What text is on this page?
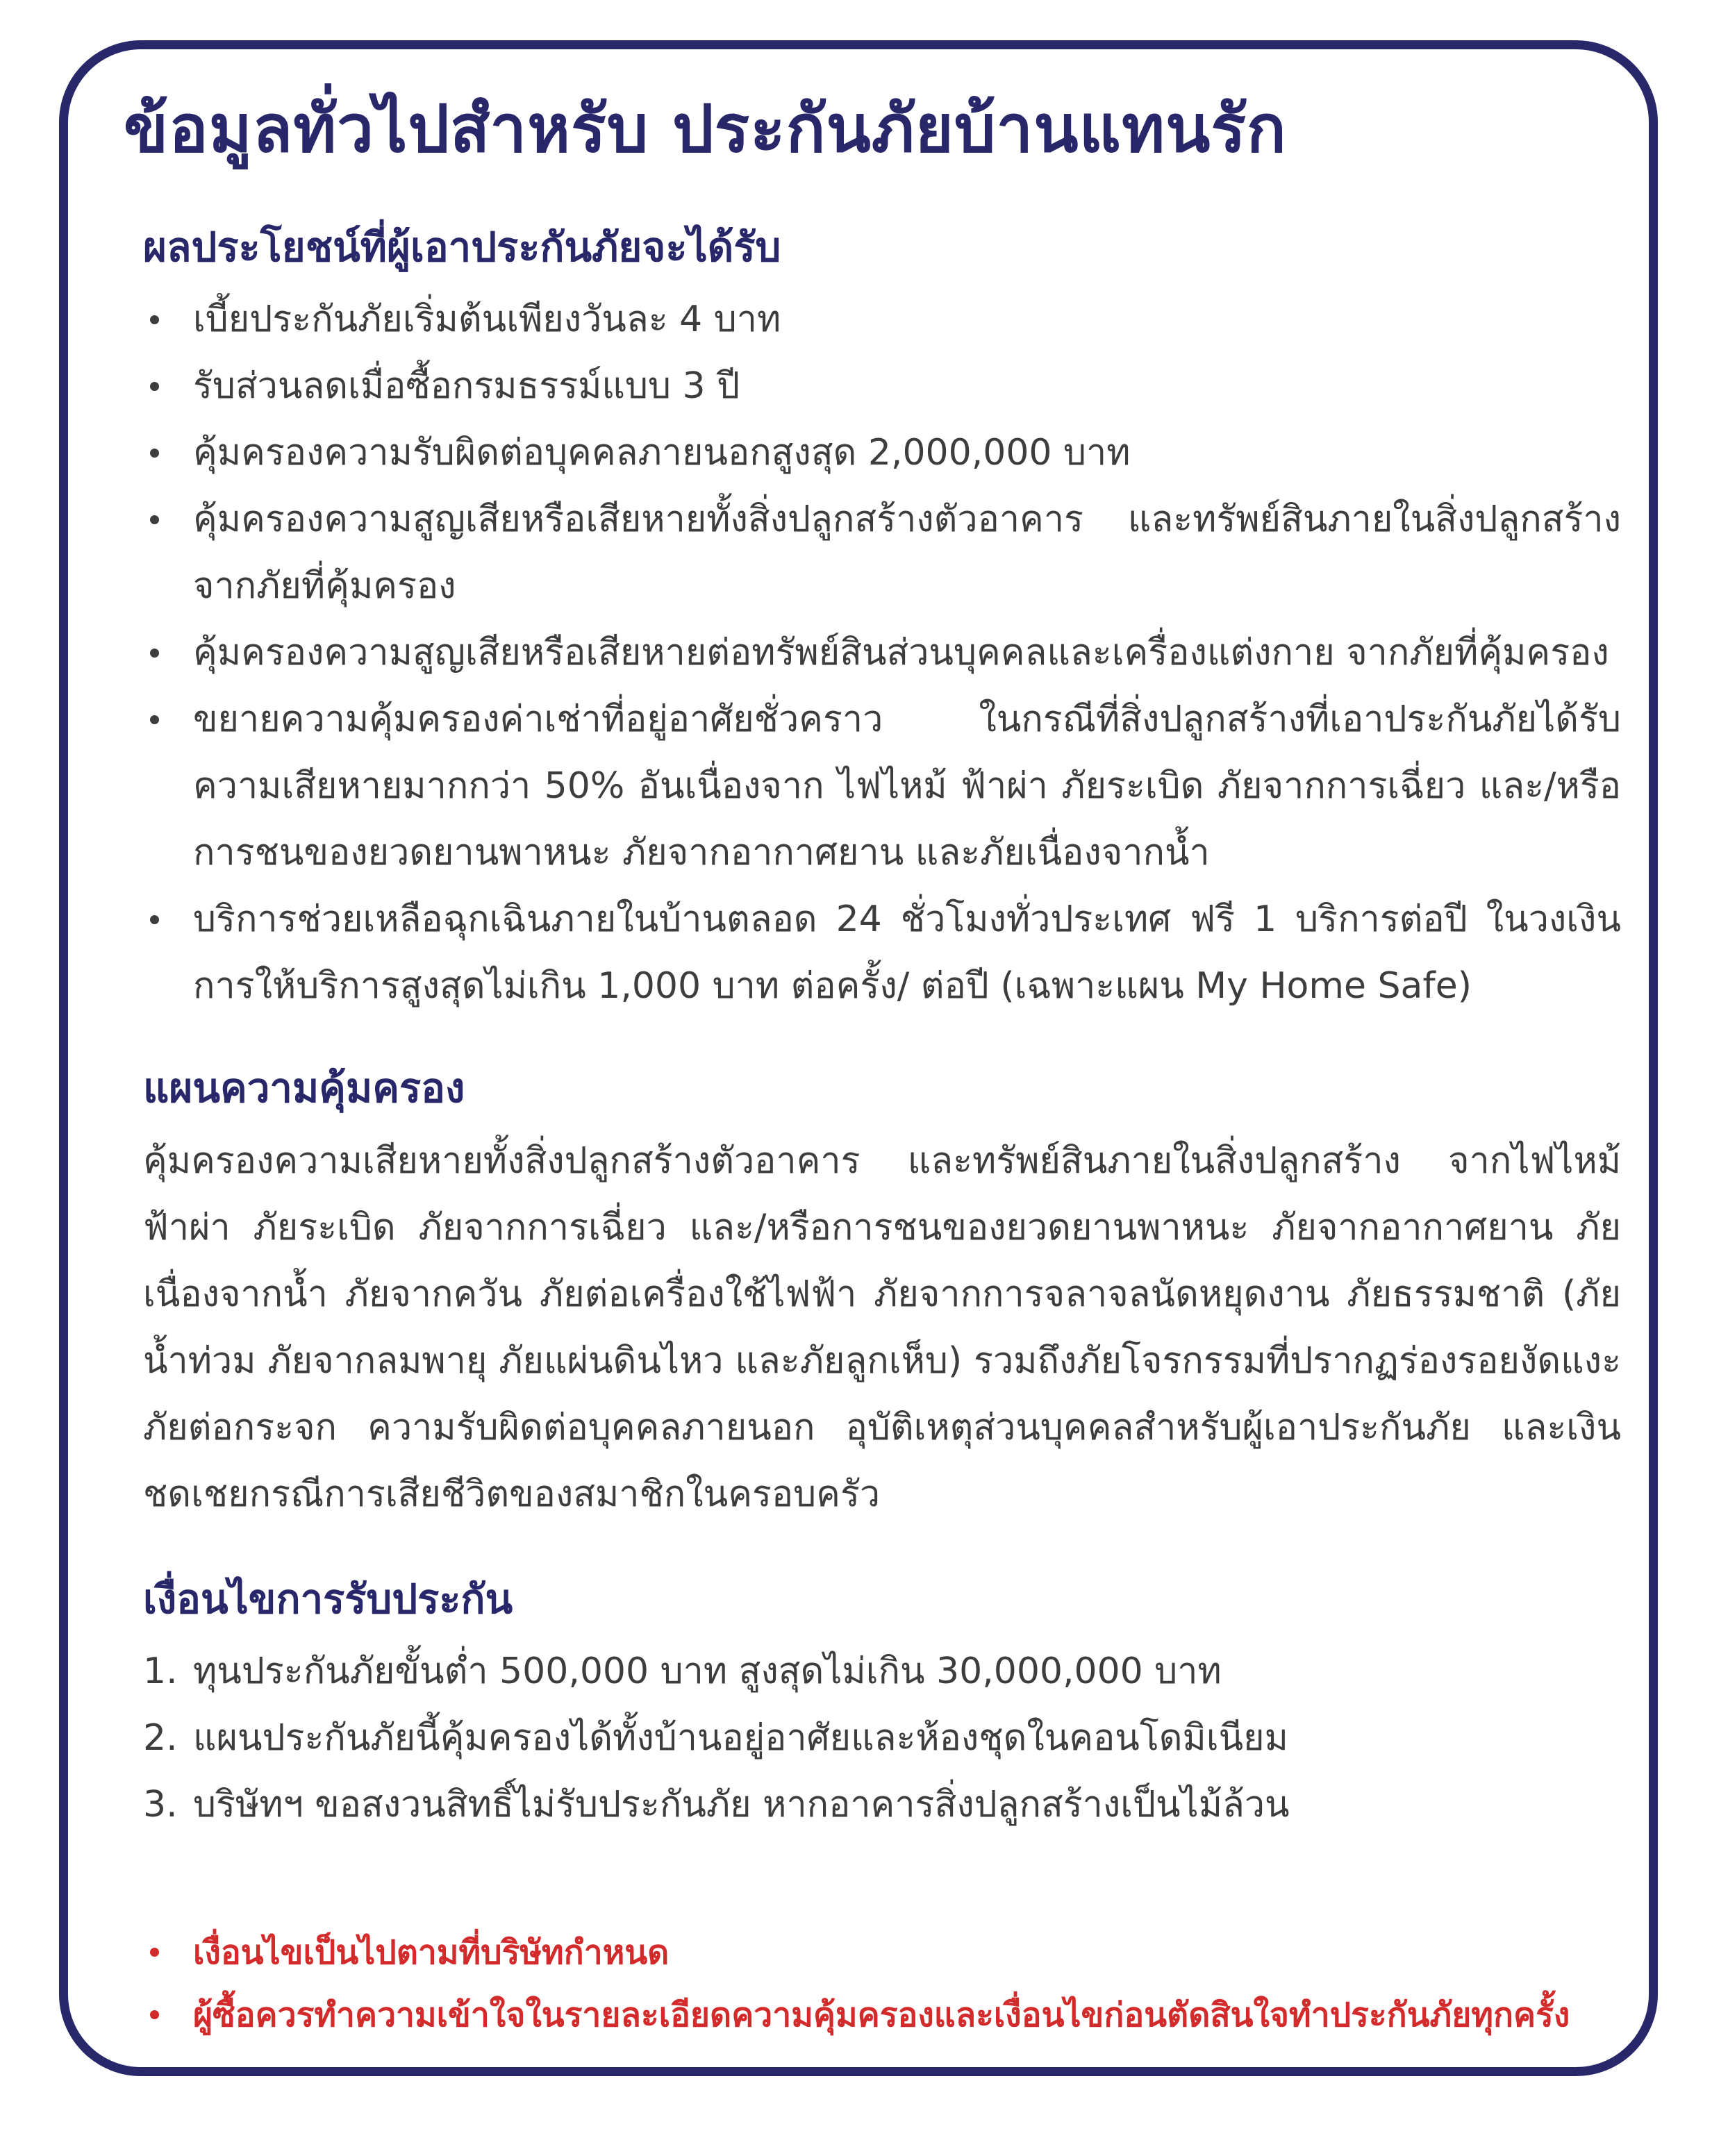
ข้อมูลทั่วไปสำหรับ ประกันภัยบ้านแทนรัก
ผลประโยชน์ที่ผู้เอาประกันภัยจะได้รับ
เบี้ยประกันภัยเริ่มต้นเพียงวันละ 4 บาท
รับส่วนลดเมื่อซื้อกรมธรรม์แบบ 3 ปี
คุ้มครองความรับผิดต่อบุคคลภายนอกสูงสุด 2,000,000 บาท
คุ้มครองความสูญเสียหรือเสียหายทั้งสิ่งปลูกสร้างตัวอาคาร และทรัพย์สินภายในสิ่งปลูกสร้าง จากภัยที่คุ้มครอง
คุ้มครองความสูญเสียหรือเสียหายต่อทรัพย์สินส่วนบุคคลและเครื่องแต่งกาย จากภัยที่คุ้มครอง
ขยายความคุ้มครองค่าเช่าที่อยู่อาศัยชั่วคราว ในกรณีที่สิ่งปลูกสร้างที่เอาประกันภัยได้รับความเสียหายมากกว่า 50% อันเนื่องจาก ไฟไหม้ ฟ้าผ่า ภัยระเบิด ภัยจากการเฉี่ยว และ/หรือการชนของยวดยานพาหนะ ภัยจากอากาศยาน และภัยเนื่องจากน้ำ
บริการช่วยเหลือฉุกเฉินภายในบ้านตลอด 24 ชั่วโมงทั่วประเทศ ฟรี 1 บริการต่อปี ในวงเงินการให้บริการสูงสุดไม่เกิน 1,000 บาท ต่อครั้ง/ ต่อปี (เฉพาะแผน My Home Safe)
แผนความคุ้มครอง

คุ้มครองความเสียหายทั้งสิ่งปลูกสร้างตัวอาคาร และทรัพย์สินภายในสิ่งปลูกสร้าง จากไฟไหม้ ฟ้าผ่า ภัยระเบิด ภัยจากการเฉี่ยว และ/หรือการชนของยวดยานพาหนะ ภัยจากอากาศยาน ภัยเนื่องจากน้ำ ภัยจากควัน ภัยต่อเครื่องใช้ไฟฟ้า ภัยจากการจลาจลนัดหยุดงาน ภัยธรรมชาติ (ภัยน้ำท่วม ภัยจากลมพายุ ภัยแผ่นดินไหว และภัยลูกเห็บ) รวมถึงภัยโจรกรรมที่ปรากฏร่องรอยงัดแงะ ภัยต่อกระจก ความรับผิดต่อบุคคลภายนอก อุบัติเหตุส่วนบุคคลสำหรับผู้เอาประกันภัย และเงินชดเชยกรณีการเสียชีวิตของสมาชิกในครอบครัว

เงื่อนไขการรับประกัน
1. ทุนประกันภัยขั้นต่ำ 500,000 บาท สูงสุดไม่เกิน 30,000,000 บาท
2. แผนประกันภัยนี้คุ้มครองได้ทั้งบ้านอยู่อาศัยและห้องชุดในคอนโดมิเนียม
3. บริษัทฯ ขอสงวนสิทธิ์ไม่รับประกันภัย หากอาคารสิ่งปลูกสร้างเป็นไม้ล้วน
เงื่อนไขเป็นไปตามที่บริษัทกำหนด
ผู้ซื้อควรทำความเข้าใจในรายละเอียดความคุ้มครองและเงื่อนไขก่อนตัดสินใจทำประกันภัยทุกครั้ง
